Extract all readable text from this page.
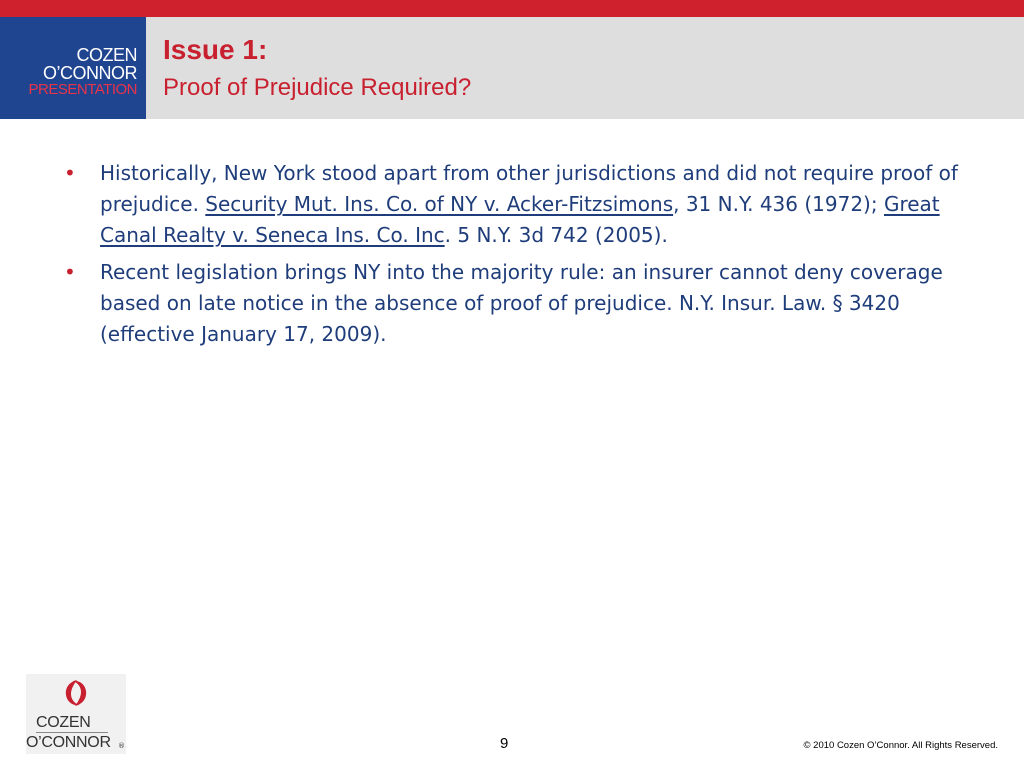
COZEN
O’CONNOR
PRESENTATION
Issue 1:
Proof of Prejudice Required?
• Historically, New York stood apart from other jurisdictions and did not require proof of prejudice. Security Mut. Ins. Co. of NY v. Acker-Fitzsimons, 31 N.Y. 436 (1972); Great Canal Realty v. Seneca Ins. Co. Inc. 5 N.Y. 3d 742 (2005).
• Recent legislation brings NY into the majority rule: an insurer cannot deny coverage based on late notice in the absence of proof of prejudice. N.Y. Insur. Law. § 3420 (effective January 17, 2009).
COZEN
O’CONNOR ®	9	© 2010 Cozen O’Connor. All Rights Reserved.
